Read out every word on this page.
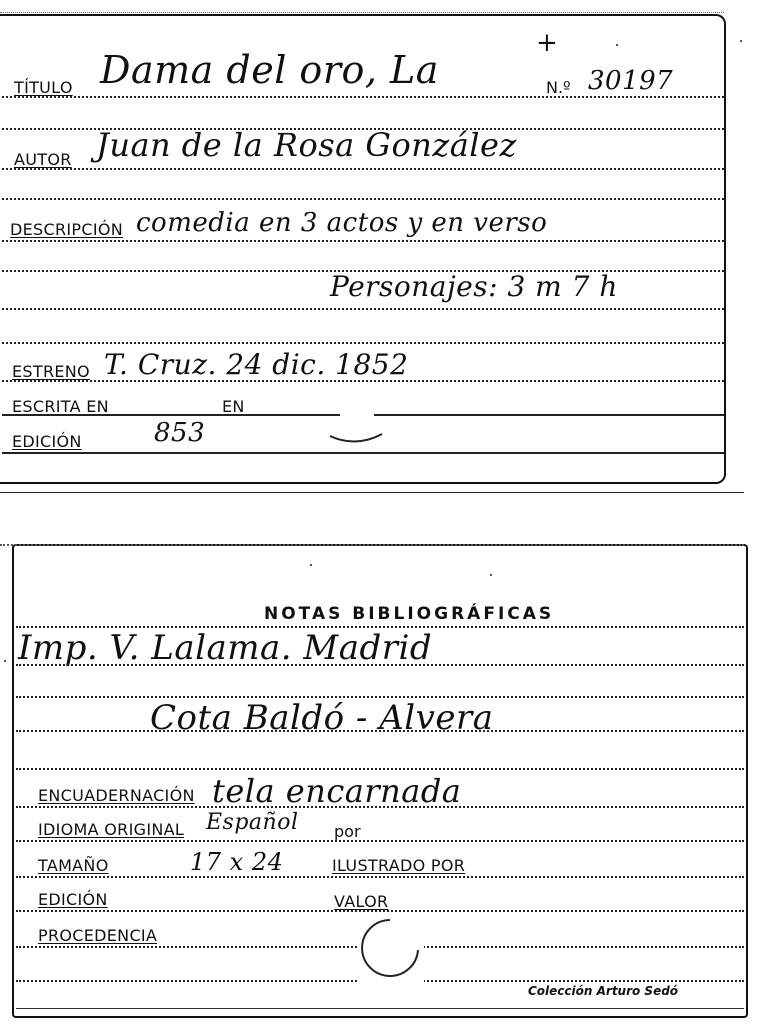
TÍTULO Dama del oro, La	N.º 30197
+
AUTOR Juan de la Rosa González
DESCRIPCIÓN comedia en 3 actos y en verso
Personajes: 3 m 7 h
ESTRENO T. Cruz. 24 dic. 1852
ESCRITA EN	EN
EDICIÓN	853
NOTAS BIBLIOGRÁFICAS
Imp. V. Lalama. Madrid
Cota Baldó - Alvera
ENCUADERNACIÓN tela encarnada
IDIOMA ORIGINAL Español por
TAMAÑO	17 x 24	ILUSTRADO POR
EDICIÓN	VALOR
PROCEDENCIA
Colección Arturo Sedó
